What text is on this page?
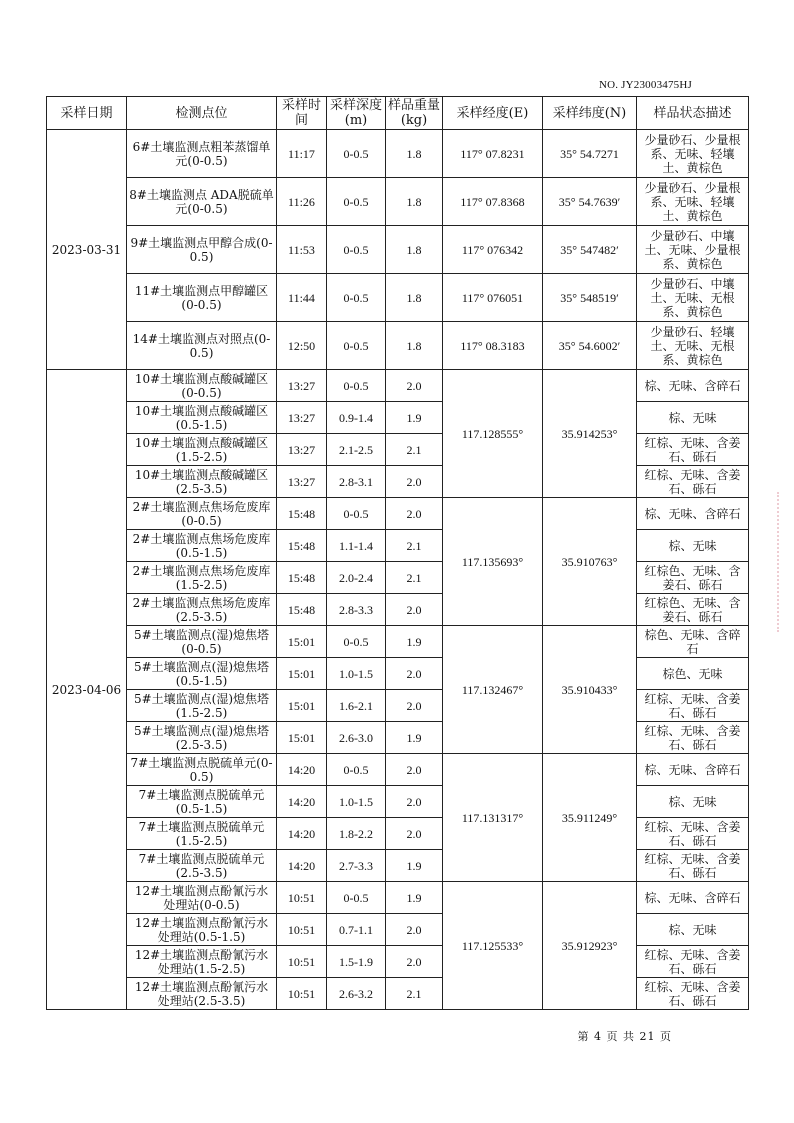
NO. JY23003475HJ
采样日期	检测点位	采样时间	采样深度(m)	样品重量(kg)	采样经度(E)	采样纬度(N)	样品状态描述
2023-03-31	6#土壤监测点粗苯蒸馏单元(0-0.5)	11:17	0-0.5	1.8	117° 07.8231	35° 54.7271	少量砂石、少量根系、无味、轻壤土、黄棕色
	8#土壤监测点 ADA脱硫单元(0-0.5)	11:26	0-0.5	1.8	117° 07.8368	35° 54.7639′	少量砂石、少量根系、无味、轻壤土、黄棕色
	9#土壤监测点甲醇合成(0-0.5)	11:53	0-0.5	1.8	117° 076342	35° 547482′	少量砂石、中壤土、无味、少量根系、黄棕色
	11#土壤监测点甲醇罐区(0-0.5)	11:44	0-0.5	1.8	117° 076051	35° 548519′	少量砂石、中壤土、无味、无根系、黄棕色
	14#土壤监测点对照点(0-0.5)	12:50	0-0.5	1.8	117° 08.3183	35° 54.6002′	少量砂石、轻壤土、无味、无根系、黄棕色
2023-04-06	10#土壤监测点酸碱罐区(0-0.5)	13:27	0-0.5	2.0	117.128555°	35.914253°	棕、无味、含碎石
	10#土壤监测点酸碱罐区(0.5-1.5)	13:27	0.9-1.4	1.9			棕、无味
	10#土壤监测点酸碱罐区(1.5-2.5)	13:27	2.1-2.5	2.1			红棕、无味、含姜石、砾石
	10#土壤监测点酸碱罐区(2.5-3.5)	13:27	2.8-3.1	2.0			红棕、无味、含姜石、砾石
	2#土壤监测点焦场危废库(0-0.5)	15:48	0-0.5	2.0	117.135693°	35.910763°	棕、无味、含碎石
	2#土壤监测点焦场危废库(0.5-1.5)	15:48	1.1-1.4	2.1			棕、无味
	2#土壤监测点焦场危废库(1.5-2.5)	15:48	2.0-2.4	2.1			红棕色、无味、含姜石、砾石
	2#土壤监测点焦场危废库(2.5-3.5)	15:48	2.8-3.3	2.0			红棕色、无味、含姜石、砾石
	5#土壤监测点(湿)熄焦塔(0-0.5)	15:01	0-0.5	1.9	117.132467°	35.910433°	棕色、无味、含碎石
	5#土壤监测点(湿)熄焦塔(0.5-1.5)	15:01	1.0-1.5	2.0			棕色、无味
	5#土壤监测点(湿)熄焦塔(1.5-2.5)	15:01	1.6-2.1	2.0			红棕、无味、含姜石、砾石
	5#土壤监测点(湿)熄焦塔(2.5-3.5)	15:01	2.6-3.0	1.9			红棕、无味、含姜石、砾石
	7#土壤监测点脱硫单元(0-0.5)	14:20	0-0.5	2.0	117.131317°	35.911249°	棕、无味、含碎石
	7#土壤监测点脱硫单元(0.5-1.5)	14:20	1.0-1.5	2.0			棕、无味
	7#土壤监测点脱硫单元(1.5-2.5)	14:20	1.8-2.2	2.0			红棕、无味、含姜石、砾石
	7#土壤监测点脱硫单元(2.5-3.5)	14:20	2.7-3.3	1.9			红棕、无味、含姜石、砾石
	12#土壤监测点酚氰污水处理站(0-0.5)	10:51	0-0.5	1.9	117.125533°	35.912923°	棕、无味、含碎石
	12#土壤监测点酚氰污水处理站(0.5-1.5)	10:51	0.7-1.1	2.0			棕、无味
	12#土壤监测点酚氰污水处理站(1.5-2.5)	10:51	1.5-1.9	2.0			红棕、无味、含姜石、砾石
	12#土壤监测点酚氰污水处理站(2.5-3.5)	10:51	2.6-3.2	2.1			红棕、无味、含姜石、砾石
第 4 页 共 21 页
